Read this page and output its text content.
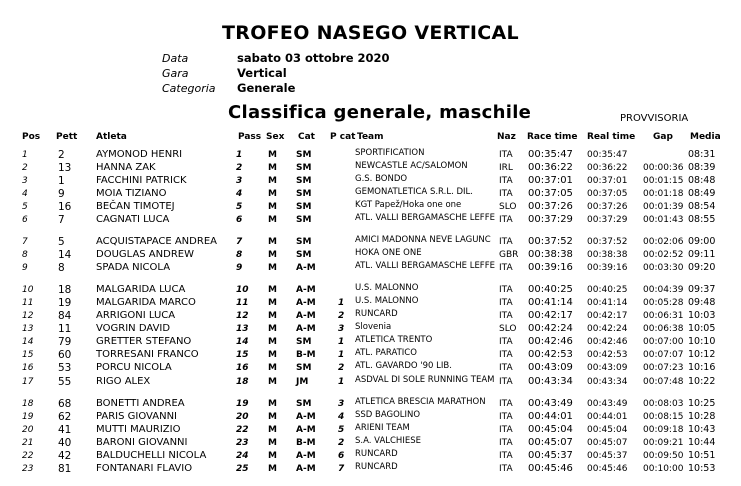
TROFEO NASEGO VERTICAL
Data	sabato 03 ottobre 2020
Gara	Vertical
Categoria Generale
Classifica generale, maschile	PROVVISORIA
Pos Pett Atleta	Pass Sex Cat P cat Team	Naz Race time Real time Gap Media
1	2	AYMONOD HENRI	1	M SM	SPORTIFICATION	ITA 00:35:47 00:35:47	08:31
2	13 HANNA ZAK	2	M SM	NEWCASTLE AC/SALOMON	IRL 00:36:22 00:36:22 00:00:36 08:39
3	1	FACCHINI PATRICK	3	M SM	G.S. BONDO	ITA 00:37:01 00:37:01 00:01:15 08:48
4	9	MOIA TIZIANO	4	M SM	GEMONATLETICA S.R.L. DIL.	ITA 00:37:05 00:37:05 00:01:18 08:49
5	16 BEČAN TIMOTEJ	5	M SM	KGT Papež/Hoka one one	SLO 00:37:26 00:37:26 00:01:39 08:54
6	7	CAGNATI LUCA	6	M SM	ATL. VALLI BERGAMASCHE LEFFE ITA 00:37:29 00:37:29 00:01:43 08:55
7	5	ACQUISTAPACE ANDREA 7	M SM	AMICI MADONNA NEVE LAGUNC ITA 00:37:52 00:37:52 00:02:06 09:00
8	14 DOUGLAS ANDREW	8	M SM	HOKA ONE ONE	GBR 00:38:38 00:38:38 00:02:52 09:11
9	8	SPADA NICOLA	9	M A-M	ATL. VALLI BERGAMASCHE LEFFE ITA 00:39:16 00:39:16 00:03:30 09:20
10 18 MALGARIDA LUCA	10 M A-M	U.S. MALONNO	ITA 00:40:25 00:40:25 00:04:39 09:37
11 19 MALGARIDA MARCO	11 M A-M 1 U.S. MALONNO	ITA 00:41:14 00:41:14 00:05:28 09:48
12 84 ARRIGONI LUCA	12 M A-M 2 RUNCARD	ITA 00:42:17 00:42:17 00:06:31 10:03
13 11 VOGRIN DAVID	13 M A-M 3 Slovenia	SLO 00:42:24 00:42:24 00:06:38 10:05
14 79 GRETTER STEFANO	14 M SM	1 ATLETICA TRENTO	ITA 00:42:46 00:42:46 00:07:00 10:10
15 60 TORRESANI FRANCO	15 M B-M 1 ATL. PARATICO	ITA 00:42:53 00:42:53 00:07:07 10:12
16 53 PORCU NICOLA	16 M SM	2 ATL. GAVARDO '90 LIB.	ITA 00:43:09 00:43:09 00:07:23 10:16
17 55 RIGO ALEX	18 M JM	1 ASDVAL DI SOLE RUNNING TEAM ITA 00:43:34 00:43:34 00:07:48 10:22
18 68 BONETTI ANDREA	19 M SM	3 ATLETICA BRESCIA MARATHON	ITA 00:43:49 00:43:49 00:08:03 10:25
19 62 PARIS GIOVANNI	20 M A-M 4 SSD BAGOLINO	ITA 00:44:01 00:44:01 00:08:15 10:28
20 41 MUTTI MAURIZIO	22 M A-M 5 ARIENI TEAM	ITA 00:45:04 00:45:04 00:09:18 10:43
21 40 BARONI GIOVANNI	23 M B-M 2 S.A. VALCHIESE	ITA 00:45:07 00:45:07 00:09:21 10:44
22 42 BALDUCHELLI NICOLA	24 M A-M 6 RUNCARD	ITA 00:45:37 00:45:37 00:09:50 10:51
23 81 FONTANARI FLAVIO	25 M A-M 7 RUNCARD	ITA 00:45:46 00:45:46 00:10:00 10:53
